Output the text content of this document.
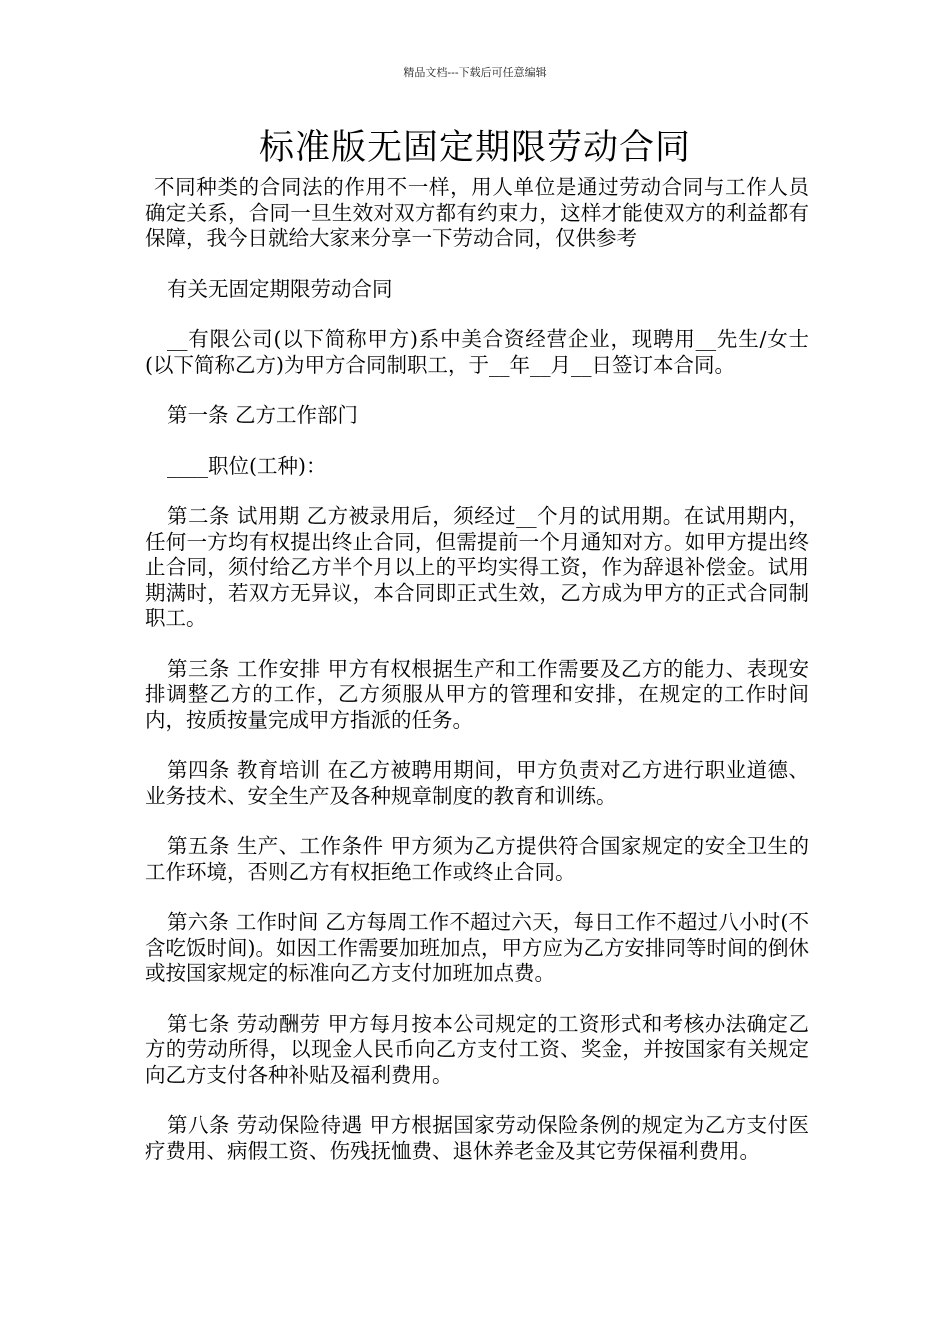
精品文档---下载后可任意编辑
标准版无固定期限劳动合同

不同种类的合同法的作用不一样，用人单位是通过劳动合同与工作人员确定关系，合同一旦生效对双方都有约束力，这样才能使双方的利益都有保障，我今日就给大家来分享一下劳动合同，仅供参考

有关无固定期限劳动合同

__有限公司(以下简称甲方)系中美合资经营企业，现聘用__先生/女士(以下简称乙方)为甲方合同制职工，于__年__月__日签订本合同。

第一条 乙方工作部门

____职位(工种)：

第二条 试用期 乙方被录用后，须经过__个月的试用期。在试用期内，任何一方均有权提出终止合同，但需提前一个月通知对方。如甲方提出终止合同，须付给乙方半个月以上的平均实得工资，作为辞退补偿金。试用期满时，若双方无异议，本合同即正式生效，乙方成为甲方的正式合同制职工。

第三条 工作安排 甲方有权根据生产和工作需要及乙方的能力、表现安排调整乙方的工作，乙方须服从甲方的管理和安排，在规定的工作时间内，按质按量完成甲方指派的任务。

第四条 教育培训 在乙方被聘用期间，甲方负责对乙方进行职业道德、业务技术、安全生产及各种规章制度的教育和训练。

第五条 生产、工作条件 甲方须为乙方提供符合国家规定的安全卫生的工作环境，否则乙方有权拒绝工作或终止合同。

第六条 工作时间 乙方每周工作不超过六天，每日工作不超过八小时(不含吃饭时间)。如因工作需要加班加点，甲方应为乙方安排同等时间的倒休或按国家规定的标准向乙方支付加班加点费。

第七条 劳动酬劳 甲方每月按本公司规定的工资形式和考核办法确定乙方的劳动所得，以现金人民币向乙方支付工资、奖金，并按国家有关规定向乙方支付各种补贴及福利费用。

第八条 劳动保险待遇 甲方根据国家劳动保险条例的规定为乙方支付医疗费用、病假工资、伤残抚恤费、退休养老金及其它劳保福利费用。
